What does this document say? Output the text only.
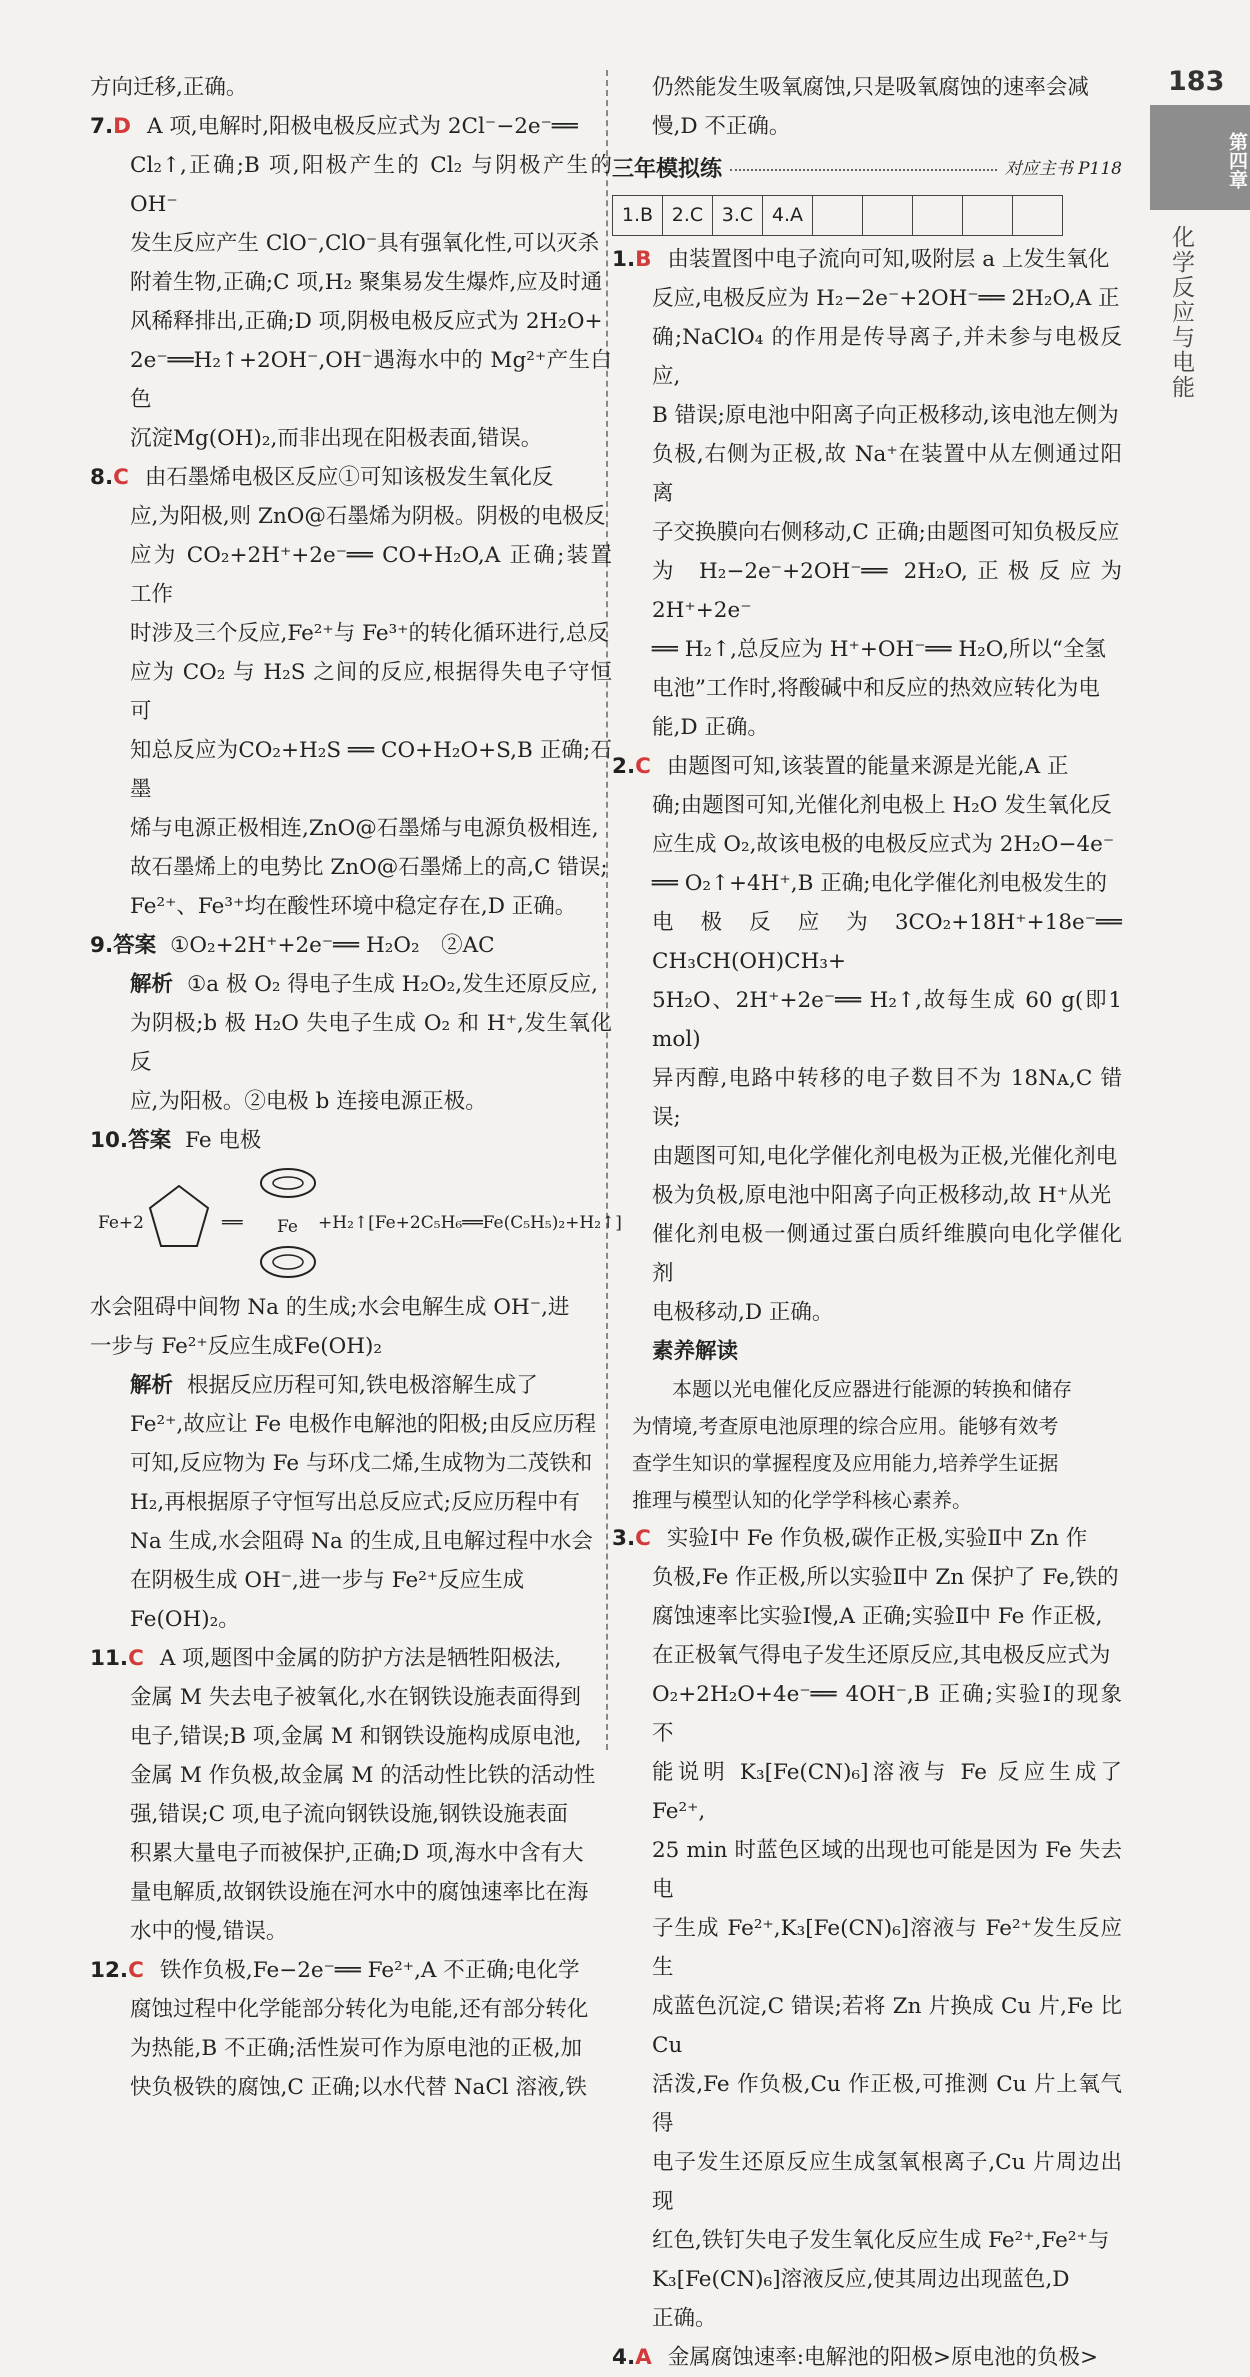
183
第四章
化学反应与电能

方向迁移,正确。

7.D A 项,电解时,阳极电极反应式为 2Cl⁻−2e⁻══

Cl₂↑,正确;B 项,阳极产生的 Cl₂ 与阴极产生的 OH⁻

发生反应产生 ClO⁻,ClO⁻具有强氧化性,可以灭杀

附着生物,正确;C 项,H₂ 聚集易发生爆炸,应及时通

风稀释排出,正确;D 项,阴极电极反应式为 2H₂O+

2e⁻══H₂↑+2OH⁻,OH⁻遇海水中的 Mg²⁺产生白色

沉淀Mg(OH)₂,而非出现在阳极表面,错误。

8.C 由石墨烯电极区反应①可知该极发生氧化反

应,为阳极,则 ZnO@石墨烯为阴极。阴极的电极反

应为 CO₂+2H⁺+2e⁻══ CO+H₂O,A 正确;装置工作

时涉及三个反应,Fe²⁺与 Fe³⁺的转化循环进行,总反

应为 CO₂ 与 H₂S 之间的反应,根据得失电子守恒可

知总反应为CO₂+H₂S ══ CO+H₂O+S,B 正确;石墨

烯与电源正极相连,ZnO@石墨烯与电源负极相连,

故石墨烯上的电势比 ZnO@石墨烯上的高,C 错误;

Fe²⁺、Fe³⁺均在酸性环境中稳定存在,D 正确。

9.答案 ①O₂+2H⁺+2e⁻══ H₂O₂　②AC

解析 ①a 极 O₂ 得电子生成 H₂O₂,发生还原反应,

为阴极;b 极 H₂O 失电子生成 O₂ 和 H⁺,发生氧化反

应,为阳极。②电极 b 连接电源正极。

10.答案 Fe 电极

Fe+2	══ Fe +H₂↑[Fe+2C₅H₆══Fe(C₅H₅)₂+H₂↑]

水会阻碍中间物 Na 的生成;水会电解生成 OH⁻,进

一步与 Fe²⁺反应生成Fe(OH)₂

解析 根据反应历程可知,铁电极溶解生成了

Fe²⁺,故应让 Fe 电极作电解池的阳极;由反应历程

可知,反应物为 Fe 与环戊二烯,生成物为二茂铁和

H₂,再根据原子守恒写出总反应式;反应历程中有

Na 生成,水会阻碍 Na 的生成,且电解过程中水会

在阴极生成 OH⁻,进一步与 Fe²⁺反应生成

Fe(OH)₂。

11.C A 项,题图中金属的防护方法是牺牲阳极法,

金属 M 失去电子被氧化,水在钢铁设施表面得到

电子,错误;B 项,金属 M 和钢铁设施构成原电池,

金属 M 作负极,故金属 M 的活动性比铁的活动性

强,错误;C 项,电子流向钢铁设施,钢铁设施表面

积累大量电子而被保护,正确;D 项,海水中含有大

量电解质,故钢铁设施在河水中的腐蚀速率比在海

水中的慢,错误。

12.C 铁作负极,Fe−2e⁻══ Fe²⁺,A 不正确;电化学

腐蚀过程中化学能部分转化为电能,还有部分转化

为热能,B 不正确;活性炭可作为原电池的正极,加

快负极铁的腐蚀,C 正确;以水代替 NaCl 溶液,铁

仍然能发生吸氧腐蚀,只是吸氧腐蚀的速率会减

慢,D 不正确。

三年模拟练	对应主书 P118
1.B	2.C	3.C	4.A					

1.B 由装置图中电子流向可知,吸附层 a 上发生氧化

反应,电极反应为 H₂−2e⁻+2OH⁻══ 2H₂O,A 正

确;NaClO₄ 的作用是传导离子,并未参与电极反应,

B 错误;原电池中阳离子向正极移动,该电池左侧为

负极,右侧为正极,故 Na⁺在装置中从左侧通过阳离

子交换膜向右侧移动,C 正确;由题图可知负极反应

为 H₂−2e⁻+2OH⁻══ 2H₂O,正极反应为 2H⁺+2e⁻

══ H₂↑,总反应为 H⁺+OH⁻══ H₂O,所以“全氢

电池”工作时,将酸碱中和反应的热效应转化为电

能,D 正确。

2.C 由题图可知,该装置的能量来源是光能,A 正

确;由题图可知,光催化剂电极上 H₂O 发生氧化反

应生成 O₂,故该电极的电极反应式为 2H₂O−4e⁻

══ O₂↑+4H⁺,B 正确;电化学催化剂电极发生的

电极反应为3CO₂+18H⁺+18e⁻══ CH₃CH(OH)CH₃+

5H₂O、2H⁺+2e⁻══ H₂↑,故每生成 60 g(即1 mol)

异丙醇,电路中转移的电子数目不为 18Nᴀ,C 错误;

由题图可知,电化学催化剂电极为正极,光催化剂电

极为负极,原电池中阳离子向正极移动,故 H⁺从光

催化剂电极一侧通过蛋白质纤维膜向电化学催化剂

电极移动,D 正确。

素养解读

本题以光电催化反应器进行能源的转换和储存

为情境,考查原电池原理的综合应用。能够有效考

查学生知识的掌握程度及应用能力,培养学生证据

推理与模型认知的化学学科核心素养。

3.C 实验Ⅰ中 Fe 作负极,碳作正极,实验Ⅱ中 Zn 作

负极,Fe 作正极,所以实验Ⅱ中 Zn 保护了 Fe,铁的

腐蚀速率比实验Ⅰ慢,A 正确;实验Ⅱ中 Fe 作正极,

在正极氧气得电子发生还原反应,其电极反应式为

O₂+2H₂O+4e⁻══ 4OH⁻,B 正确;实验Ⅰ的现象不

能说明 K₃[Fe(CN)₆]溶液与 Fe 反应生成了 Fe²⁺,

25 min 时蓝色区域的出现也可能是因为 Fe 失去电

子生成 Fe²⁺,K₃[Fe(CN)₆]溶液与 Fe²⁺发生反应生

成蓝色沉淀,C 错误;若将 Zn 片换成 Cu 片,Fe 比 Cu

活泼,Fe 作负极,Cu 作正极,可推测 Cu 片上氧气得

电子发生还原反应生成氢氧根离子,Cu 片周边出现

红色,铁钉失电子发生氧化反应生成 Fe²⁺,Fe²⁺与

K₃[Fe(CN)₆]溶液反应,使其周边出现蓝色,D

正确。

4.A 金属腐蚀速率:电解池的阳极>原电池的负极>
